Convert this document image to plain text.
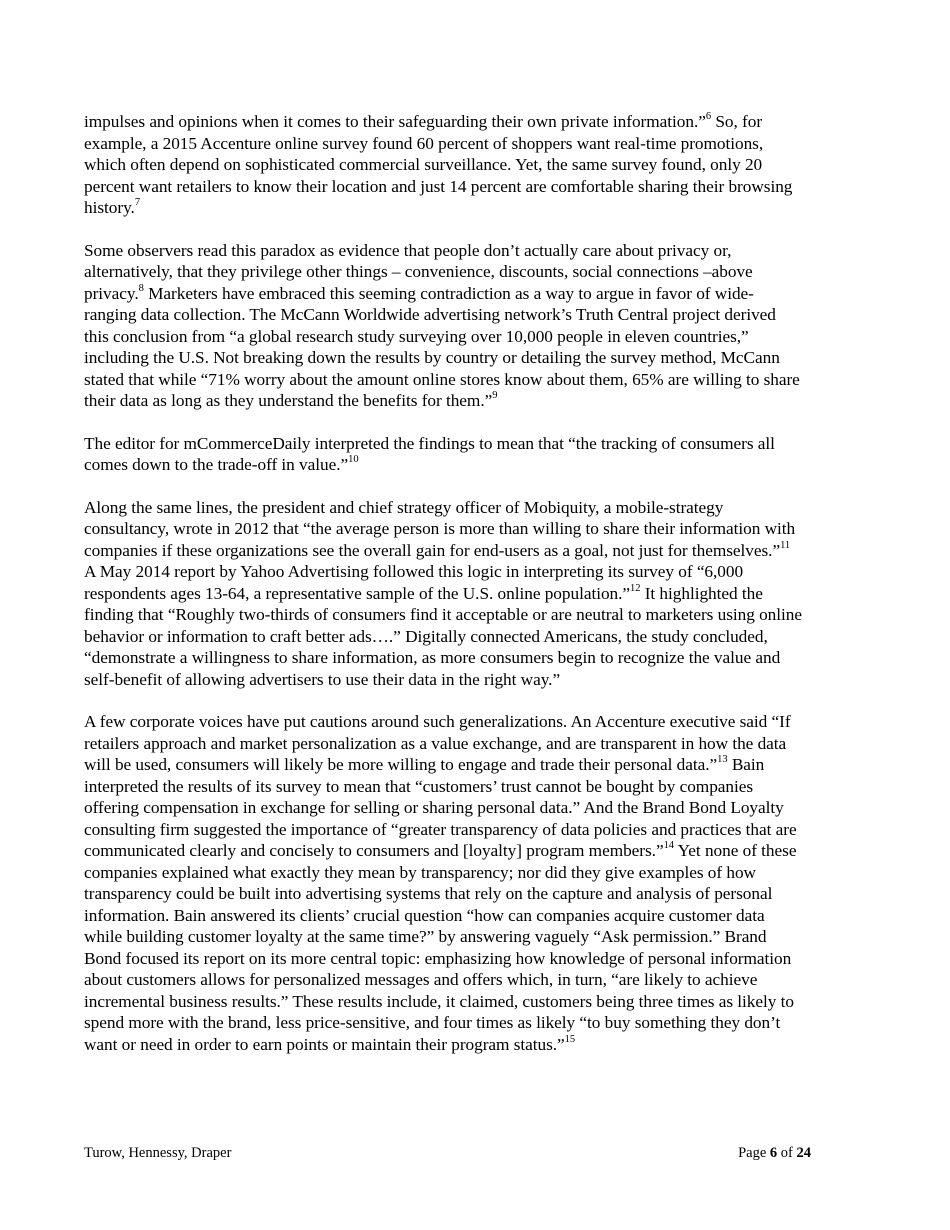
impulses and opinions when it comes to their safeguarding their own private information.”$^6$ So, for
example, a 2015 Accenture online survey found 60 percent of shoppers want real-time promotions,
which often depend on sophisticated commercial surveillance. Yet, the same survey found, only 20
percent want retailers to know their location and just 14 percent are comfortable sharing their browsing
history.$^7$

Some observers read this paradox as evidence that people don’t actually care about privacy or,
alternatively, that they privilege other things – convenience, discounts, social connections –above
privacy.$^8$ Marketers have embraced this seeming contradiction as a way to argue in favor of wide-
ranging data collection. The McCann Worldwide advertising network’s Truth Central project derived
this conclusion from “a global research study surveying over 10,000 people in eleven countries,”
including the U.S. Not breaking down the results by country or detailing the survey method, McCann
stated that while “71% worry about the amount online stores know about them, 65% are willing to share
their data as long as they understand the benefits for them.”$^9$

The editor for mCommerceDaily interpreted the findings to mean that “the tracking of consumers all
comes down to the trade-off in value.”$^{10}$

Along the same lines, the president and chief strategy officer of Mobiquity, a mobile-strategy
consultancy, wrote in 2012 that “the average person is more than willing to share their information with
companies if these organizations see the overall gain for end-users as a goal, not just for themselves.”$^{11}$
A May 2014 report by Yahoo Advertising followed this logic in interpreting its survey of “6,000
respondents ages 13-64, a representative sample of the U.S. online population.”$^{12}$ It highlighted the
finding that “Roughly two-thirds of consumers find it acceptable or are neutral to marketers using online
behavior or information to craft better ads….” Digitally connected Americans, the study concluded,
“demonstrate a willingness to share information, as more consumers begin to recognize the value and
self-benefit of allowing advertisers to use their data in the right way.”

A few corporate voices have put cautions around such generalizations. An Accenture executive said “If
retailers approach and market personalization as a value exchange, and are transparent in how the data
will be used, consumers will likely be more willing to engage and trade their personal data.”$^{13}$ Bain
interpreted the results of its survey to mean that “customers’ trust cannot be bought by companies
offering compensation in exchange for selling or sharing personal data.” And the Brand Bond Loyalty
consulting firm suggested the importance of “greater transparency of data policies and practices that are
communicated clearly and concisely to consumers and [loyalty] program members.”$^{14}$ Yet none of these
companies explained what exactly they mean by transparency; nor did they give examples of how
transparency could be built into advertising systems that rely on the capture and analysis of personal
information. Bain answered its clients’ crucial question “how can companies acquire customer data
while building customer loyalty at the same time?” by answering vaguely “Ask permission.” Brand
Bond focused its report on its more central topic: emphasizing how knowledge of personal information
about customers allows for personalized messages and offers which, in turn, “are likely to achieve
incremental business results.” These results include, it claimed, customers being three times as likely to
spend more with the brand, less price-sensitive, and four times as likely “to buy something they don’t
want or need in order to earn points or maintain their program status.”$^{15}$

Turow, Hennessy, Draper	Page 6 of 24
